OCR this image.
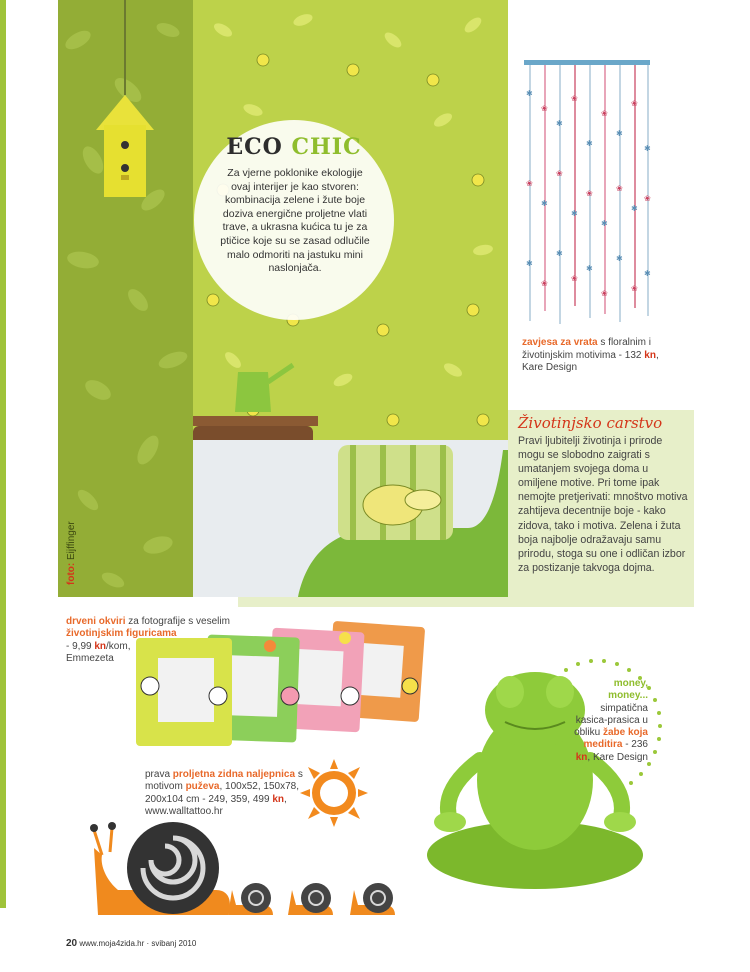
foto: Eijffinger
ECO CHIC
Za vjerne poklonike ekologije ovaj interijer je kao stvoren: kombinacija zelene i žute boje doziva energične proljetne vlati trave, a ukrasna kućica tu je za ptičice koje su se zasad odlučile malo odmoriti na jastuku mini naslonjača.
✱
❀
✱
❀
✱
❀
✱
❀
✱
❀
✱
❀
✱
❀
✱
❀
✱
❀
✱
❀
✱
❀
✱
❀
✱
❀
✱
zavjesa za vrata s floralnim i životinjskim motivima - 132 kn, Kare Design
Životinjsko carstvo
Pravi ljubitelji životinja i prirode mogu se slobodno zaigrati s umatanjem svojega doma u omiljene motive. Pri tome ipak nemojte pretjerivati: mnoštvo motiva zahtijeva decentnije boje - kako zidova, tako i motiva. Zelena i žuta boja najbolje odražavaju samu prirodu, stoga su one i odličan izbor za postizanje takvoga dojma.
drveni okviri za fotografije s veselim
životinjskim figuricama
- 9,99 kn/kom,
Emmezeta
prava proljetna zidna naljepnica s motivom puževa, 100x52, 150x78, 200x104 cm - 249, 359, 499 kn,
www.walltattoo.hr
money,
money...
simpatična kasica-prasica u obliku žabe koja meditira - 236 kn, Kare Design
20 www.moja4zida.hr · svibanj 2010
